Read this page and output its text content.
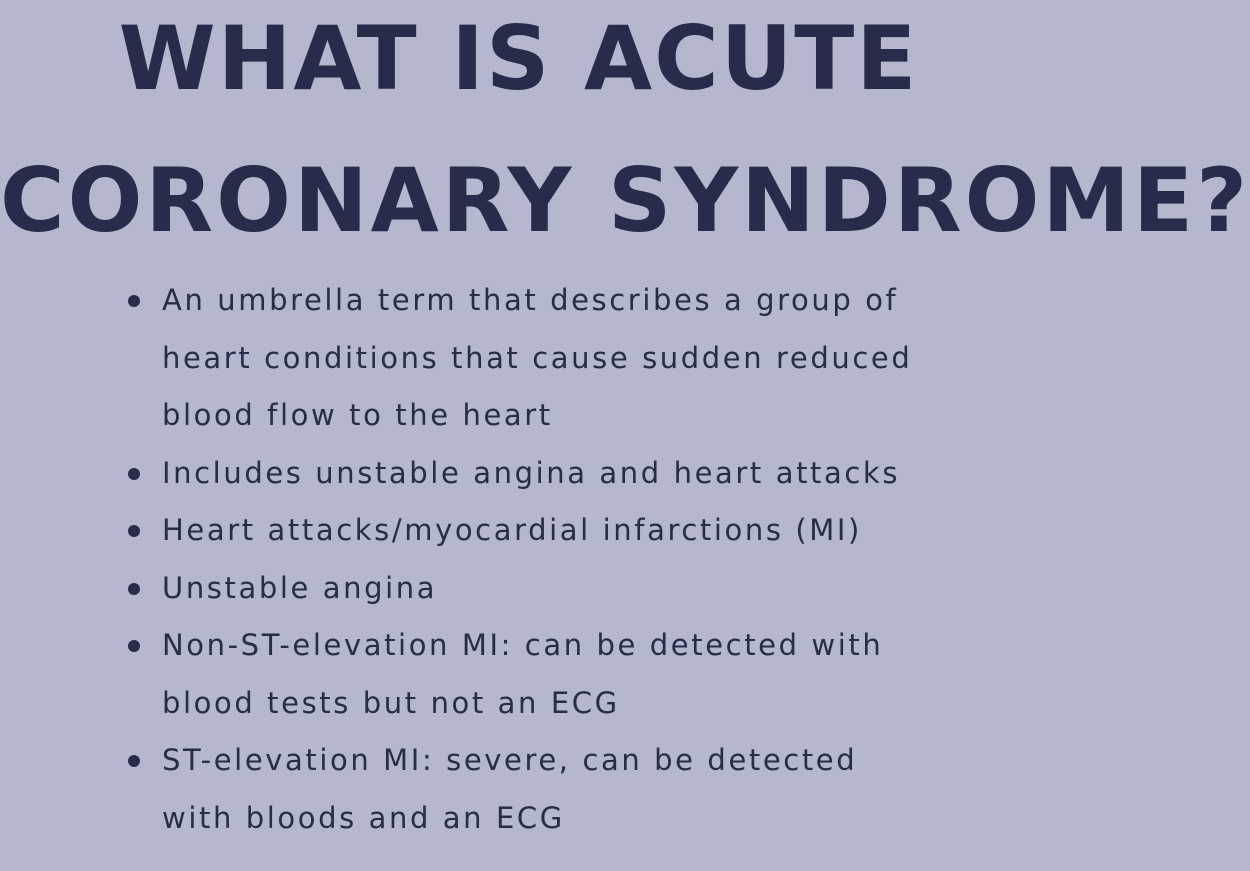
WHAT IS ACUTE
CORONARY SYNDROME?
An umbrella term that describes a group of
heart conditions that cause sudden reduced
blood flow to the heart
Includes unstable angina and heart attacks
Heart attacks/myocardial infarctions (MI)
Unstable angina
Non-ST-elevation MI: can be detected with
blood tests but not an ECG
ST-elevation MI: severe, can be detected
with bloods and an ECG
